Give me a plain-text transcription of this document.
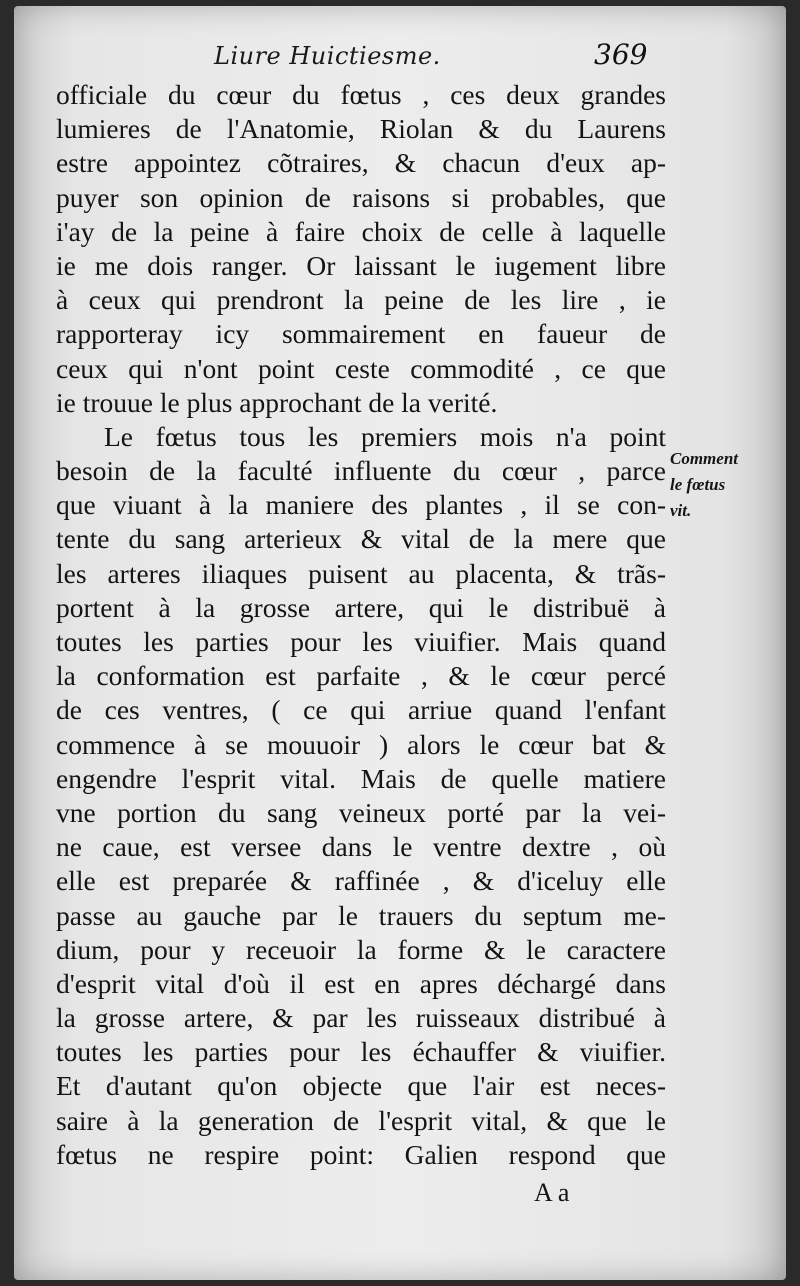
Liure Huictiesme.	369
officiale du cœur du fœtus , ces deux grandes
lumieres de l'Anatomie, Riolan & du Laurens
estre appointez cõtraires, & chacun d'eux ap-
puyer son opinion de raisons si probables, que
i'ay de la peine à faire choix de celle à laquelle
ie me dois ranger. Or laissant le iugement libre
à ceux qui prendront la peine de les lire , ie
rapporteray icy sommairement en faueur de
ceux qui n'ont point ceste commodité , ce que
ie trouue le plus approchant de la verité.
Le fœtus tous les premiers mois n'a point
besoin de la faculté influente du cœur , parce
que viuant à la maniere des plantes , il se con-
tente du sang arterieux & vital de la mere que
les arteres iliaques puisent au placenta, & trãs-
portent à la grosse artere, qui le distribuë à
toutes les parties pour les viuifier. Mais quand
la conformation est parfaite , & le cœur percé
de ces ventres, ( ce qui arriue quand l'enfant
commence à se mouuoir ) alors le cœur bat &
engendre l'esprit vital. Mais de quelle matiere
vne portion du sang veineux porté par la vei-
ne caue, est versee dans le ventre dextre , où
elle est preparée & raffinée , & d'iceluy elle
passe au gauche par le trauers du septum me-
dium, pour y receuoir la forme & le caractere
d'esprit vital d'où il est en apres déchargé dans
la grosse artere, & par les ruisseaux distribué à
toutes les parties pour les échauffer & viuifier.
Et d'autant qu'on objecte que l'air est neces-
saire à la generation de l'esprit vital, & que le
fœtus ne respire point: Galien respond que
Comment
le fœtus
vit.
A a
